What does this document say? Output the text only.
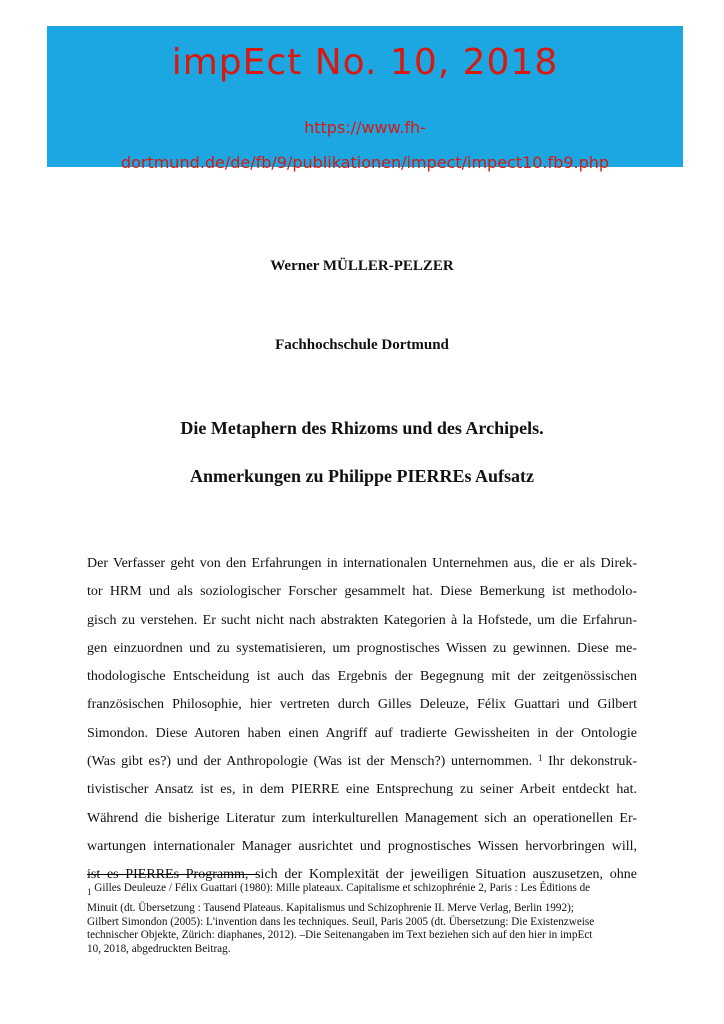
impEct No. 10, 2018
https://www.fh-
dortmund.de/de/fb/9/publikationen/impect/impect10.fb9.php
Werner MÜLLER-PELZER
Fachhochschule Dortmund
Die Metaphern des Rhizoms und des Archipels.
Anmerkungen zu Philippe PIERREs Aufsatz
Der Verfasser geht von den Erfahrungen in internationalen Unternehmen aus, die er als Direk-
tor HRM und als soziologischer Forscher gesammelt hat. Diese Bemerkung ist methodolo-
gisch zu verstehen. Er sucht nicht nach abstrakten Kategorien à la Hofstede, um die Erfahrun-
gen einzuordnen und zu systematisieren, um prognostisches Wissen zu gewinnen. Diese me-
thodologische Entscheidung ist auch das Ergebnis der Begegnung mit der zeitgenössischen
französischen Philosophie, hier vertreten durch Gilles Deleuze, Félix Guattari und Gilbert
Simondon. Diese Autoren haben einen Angriff auf tradierte Gewissheiten in der Ontologie
(Was gibt es?) und der Anthropologie (Was ist der Mensch?) unternommen. $^1$ Ihr dekonstruk-
tivistischer Ansatz ist es, in dem PIERRE eine Entsprechung zu seiner Arbeit entdeckt hat.
Während die bisherige Literatur zum interkulturellen Management sich an operationellen Er-
wartungen internationaler Manager ausrichtet und prognostisches Wissen hervorbringen will,
ist es PIERREs Programm, sich der Komplexität der jeweiligen Situation auszusetzen, ohne
$^1$ Gilles Deuleuze / Félix Guattari (1980): Mille plateaux. Capitalisme et schizophrénie 2, Paris : Les Éditions de
Minuit (dt. Übersetzung : Tausend Plateaus. Kapitalismus und Schizophrenie II. Merve Verlag, Berlin 1992);
Gilbert Simondon (2005): L'invention dans les techniques. Seuil, Paris 2005 (dt. Übersetzung: Die Existenzweise
technischer Objekte, Zürich: diaphanes, 2012). –Die Seitenangaben im Text beziehen sich auf den hier in impEct
10, 2018, abgedruckten Beitrag.
